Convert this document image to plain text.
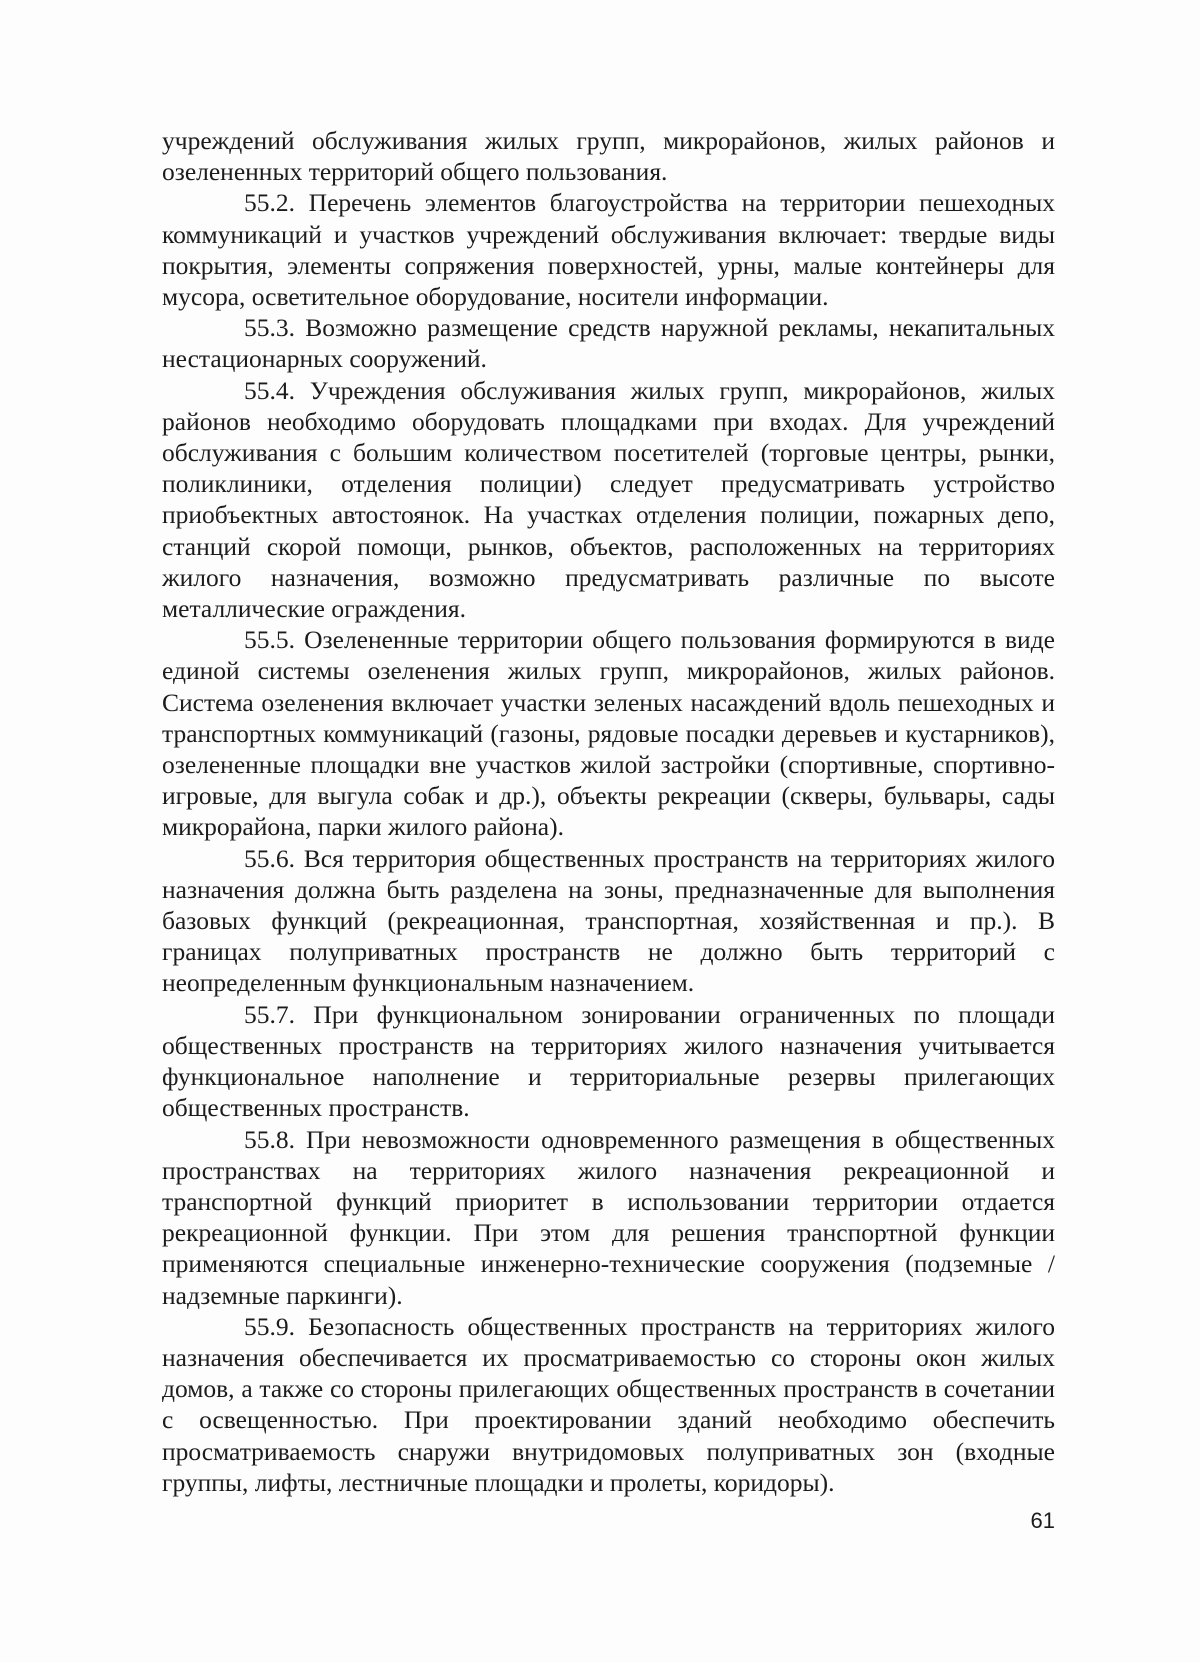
учреждений обслуживания жилых групп, микрорайонов, жилых районов и озелененных территорий общего пользования.

55.2. Перечень элементов благоустройства на территории пешеходных коммуникаций и участков учреждений обслуживания включает: твердые виды покрытия, элементы сопряжения поверхностей, урны, малые контейнеры для мусора, осветительное оборудование, носители информации.

55.3. Возможно размещение средств наружной рекламы, некапитальных нестационарных сооружений.

55.4. Учреждения обслуживания жилых групп, микрорайонов, жилых районов необходимо оборудовать площадками при входах. Для учреждений обслуживания с большим количеством посетителей (торговые центры, рынки, поликлиники, отделения полиции) следует предусматривать устройство приобъектных автостоянок. На участках отделения полиции, пожарных депо, станций скорой помощи, рынков, объектов, расположенных на территориях жилого назначения, возможно предусматривать различные по высоте металлические ограждения.

55.5. Озелененные территории общего пользования формируются в виде единой системы озеленения жилых групп, микрорайонов, жилых районов. Система озеленения включает участки зеленых насаждений вдоль пешеходных и транспортных коммуникаций (газоны, рядовые посадки деревьев и кустарников), озелененные площадки вне участков жилой застройки (спортивные, спортивно-игровые, для выгула собак и др.), объекты рекреации (скверы, бульвары, сады микрорайона, парки жилого района).

55.6. Вся территория общественных пространств на территориях жилого назначения должна быть разделена на зоны, предназначенные для выполнения базовых функций (рекреационная, транспортная, хозяйственная и пр.). В границах полуприватных пространств не должно быть территорий с неопределенным функциональным назначением.

55.7. При функциональном зонировании ограниченных по площади общественных пространств на территориях жилого назначения учитывается функциональное наполнение и территориальные резервы прилегающих общественных пространств.

55.8. При невозможности одновременного размещения в общественных пространствах на территориях жилого назначения рекреационной и транспортной функций приоритет в использовании территории отдается рекреационной функции. При этом для решения транспортной функции применяются специальные инженерно-технические сооружения (подземные / надземные паркинги).

55.9. Безопасность общественных пространств на территориях жилого назначения обеспечивается их просматриваемостью со стороны окон жилых домов, а также со стороны прилегающих общественных пространств в сочетании с освещенностью. При проектировании зданий необходимо обеспечить просматриваемость снаружи внутридомовых полуприватных зон (входные группы, лифты, лестничные площадки и пролеты, коридоры).

61
